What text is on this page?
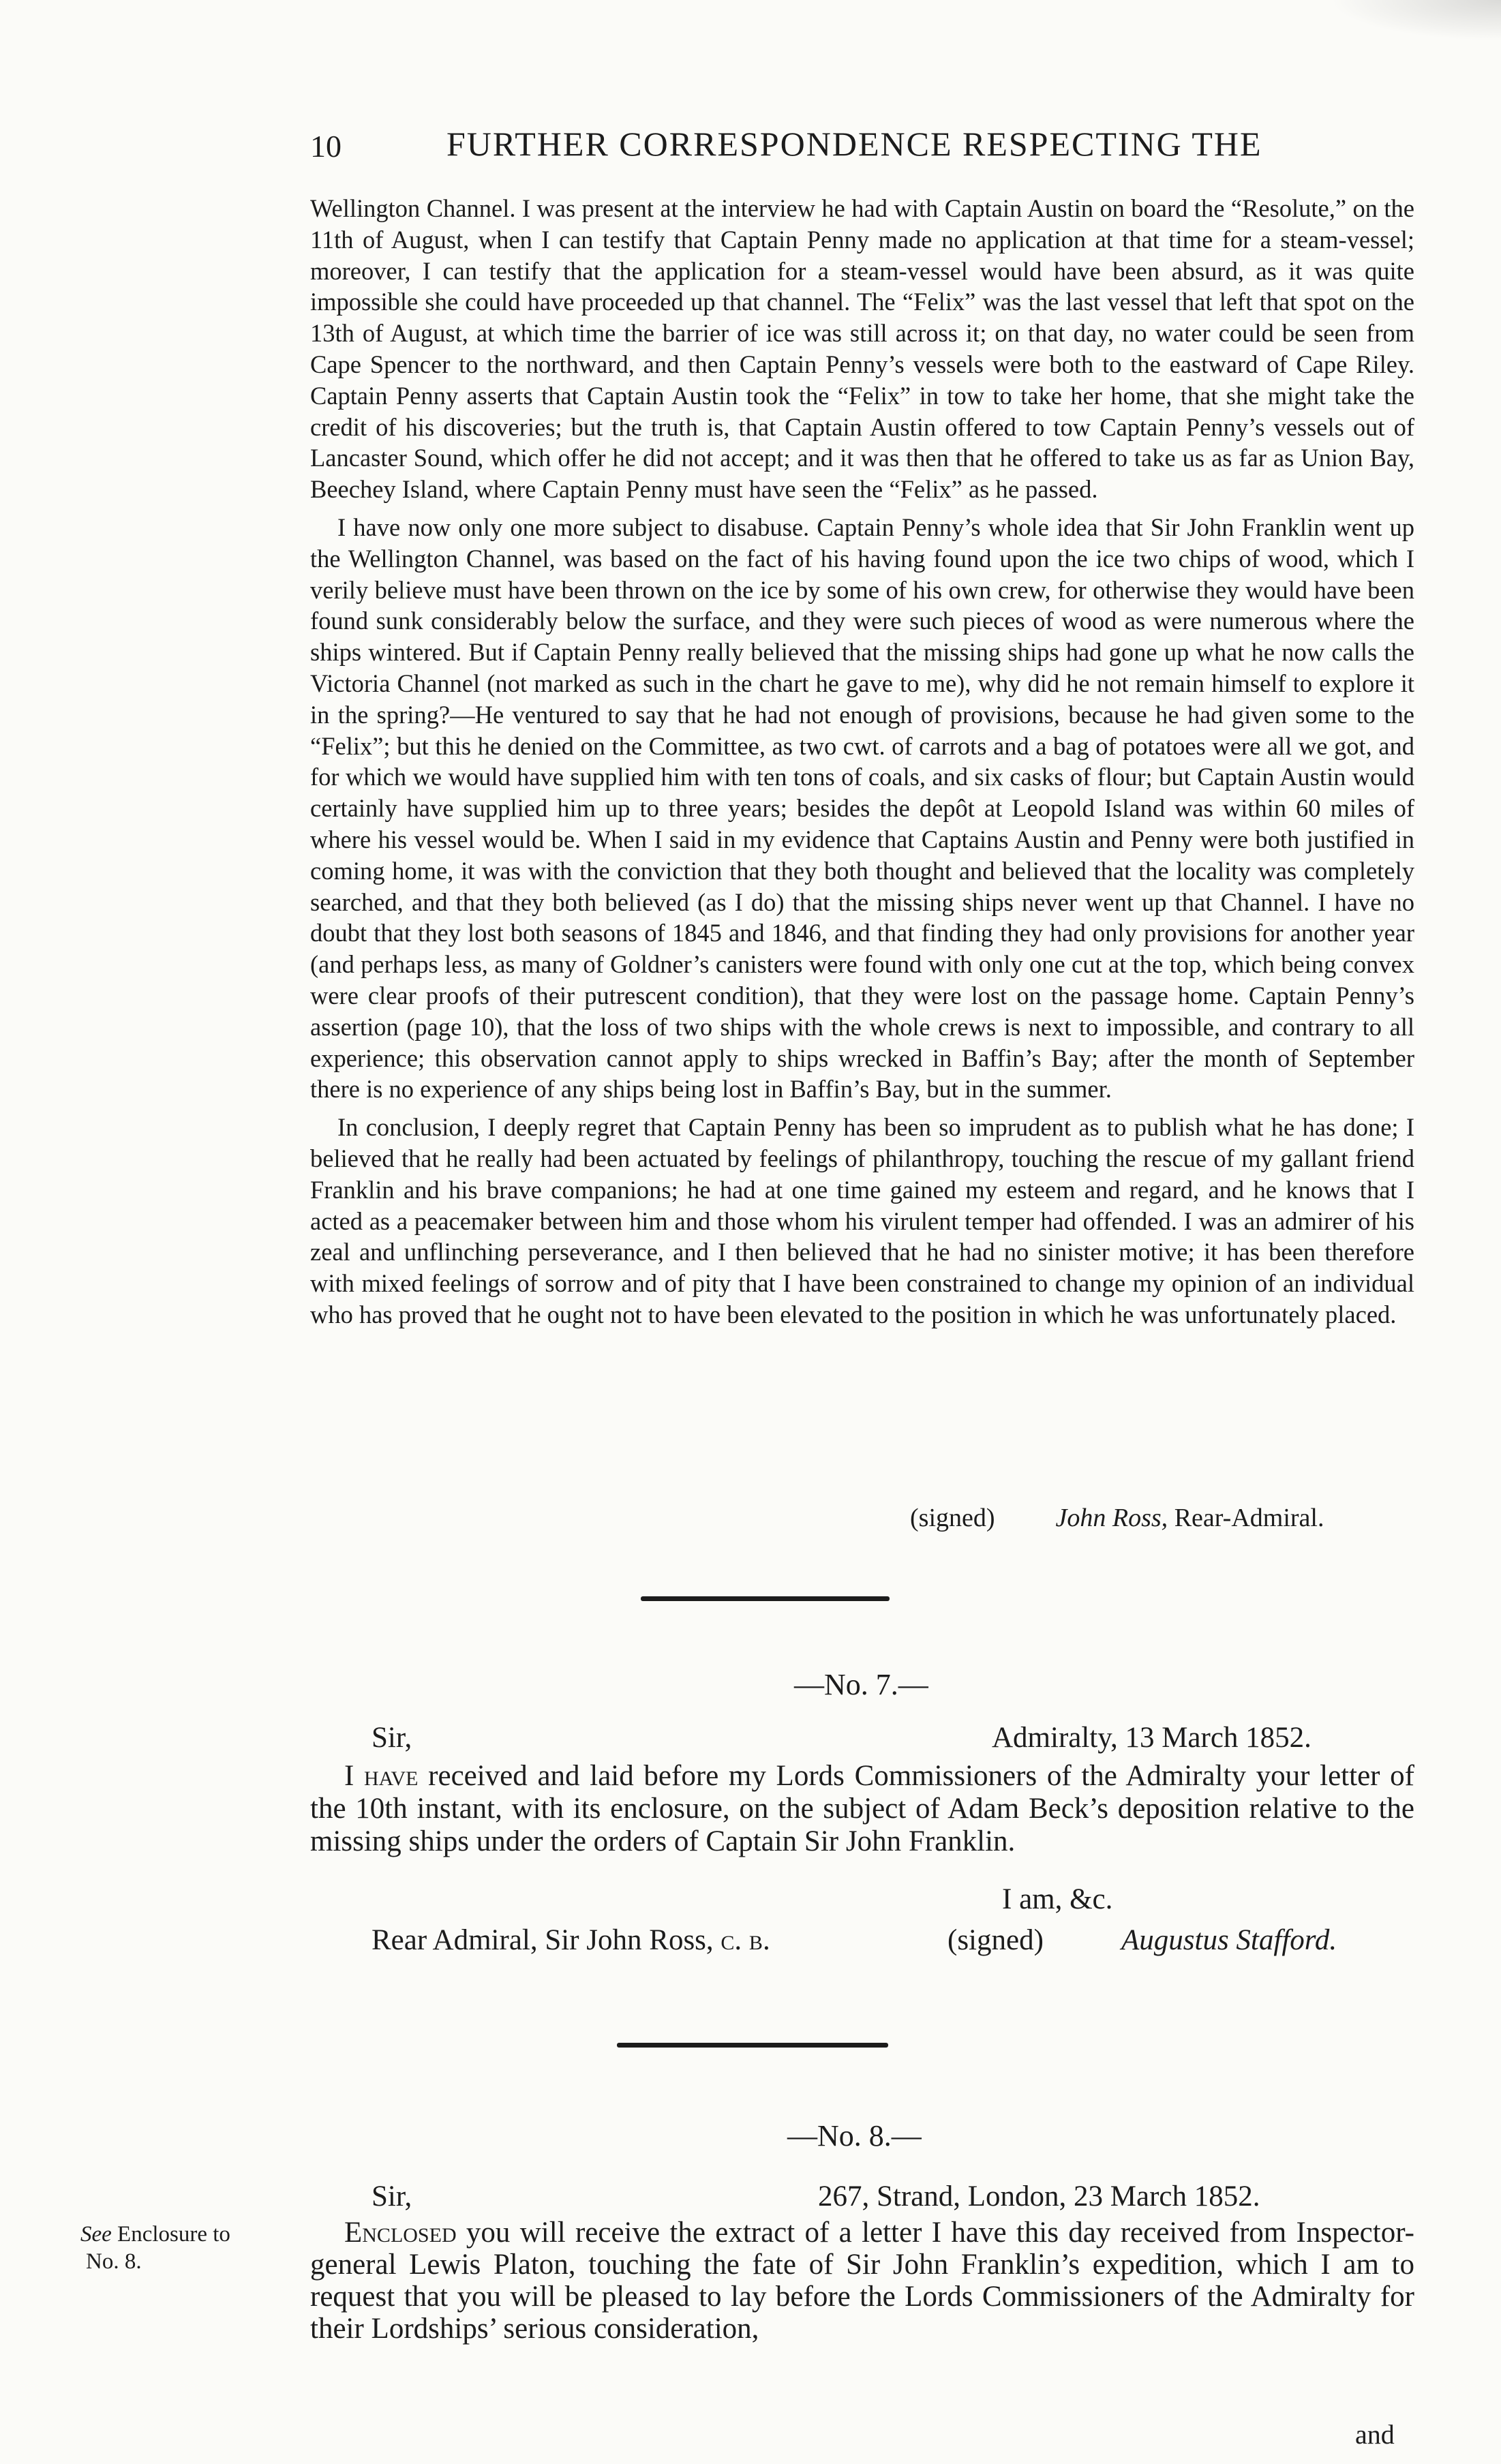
10	FURTHER CORRESPONDENCE RESPECTING THE

Wellington Channel. I was present at the interview he had with Captain Austin on board the “Resolute,” on the 11th of August, when I can testify that Captain Penny made no application at that time for a steam-vessel; moreover, I can testify that the application for a steam-vessel would have been absurd, as it was quite impossible she could have proceeded up that channel. The “Felix” was the last vessel that left that spot on the 13th of August, at which time the barrier of ice was still across it; on that day, no water could be seen from Cape Spencer to the northward, and then Captain Penny’s vessels were both to the eastward of Cape Riley. Captain Penny asserts that Captain Austin took the “Felix” in tow to take her home, that she might take the credit of his discoveries; but the truth is, that Captain Austin offered to tow Captain Penny’s vessels out of Lancaster Sound, which offer he did not accept; and it was then that he offered to take us as far as Union Bay, Beechey Island, where Captain Penny must have seen the “Felix” as he passed.

I have now only one more subject to disabuse. Captain Penny’s whole idea that Sir John Franklin went up the Wellington Channel, was based on the fact of his having found upon the ice two chips of wood, which I verily believe must have been thrown on the ice by some of his own crew, for otherwise they would have been found sunk considerably below the surface, and they were such pieces of wood as were numerous where the ships wintered. But if Captain Penny really believed that the missing ships had gone up what he now calls the Victoria Channel (not marked as such in the chart he gave to me), why did he not remain himself to explore it in the spring?—He ventured to say that he had not enough of provisions, because he had given some to the “Felix”; but this he denied on the Committee, as two cwt. of carrots and a bag of potatoes were all we got, and for which we would have supplied him with ten tons of coals, and six casks of flour; but Captain Austin would certainly have supplied him up to three years; besides the depôt at Leopold Island was within 60 miles of where his vessel would be. When I said in my evidence that Captains Austin and Penny were both justified in coming home, it was with the conviction that they both thought and believed that the locality was completely searched, and that they both believed (as I do) that the missing ships never went up that Channel. I have no doubt that they lost both seasons of 1845 and 1846, and that finding they had only provisions for another year (and perhaps less, as many of Goldner’s canisters were found with only one cut at the top, which being convex were clear proofs of their putrescent condition), that they were lost on the passage home. Captain Penny’s assertion (page 10), that the loss of two ships with the whole crews is next to impossible, and contrary to all experience; this observation cannot apply to ships wrecked in Baffin’s Bay; after the month of September there is no experience of any ships being lost in Baffin’s Bay, but in the summer.

In conclusion, I deeply regret that Captain Penny has been so imprudent as to publish what he has done; I believed that he really had been actuated by feelings of philanthropy, touching the rescue of my gallant friend Franklin and his brave companions; he had at one time gained my esteem and regard, and he knows that I acted as a peacemaker between him and those whom his virulent temper had offended. I was an admirer of his zeal and unflinching perseverance, and I then believed that he had no sinister motive; it has been therefore with mixed feelings of sorrow and of pity that I have been constrained to change my opinion of an individual who has proved that he ought not to have been elevated to the position in which he was unfortunately placed.

(signed) John Ross, Rear-Admiral.
—No. 7.—
Sir,	Admiralty, 13 March 1852.

I have received and laid before my Lords Commissioners of the Admiralty your letter of the 10th instant, with its enclosure, on the subject of Adam Beck’s deposition relative to the missing ships under the orders of Captain Sir John Franklin.

I am, &c.
Rear Admiral, Sir John Ross, c. b.	(signed)	Augustus Stafford.
—No. 8.—
Sir,	267, Strand, London, 23 March 1852.
See Enclosure to
No. 8.

Enclosed you will receive the extract of a letter I have this day received from Inspector-general Lewis Platon, touching the fate of Sir John Franklin’s expedition, which I am to request that you will be pleased to lay before the Lords Commissioners of the Admiralty for their Lordships’ serious consideration,

and
